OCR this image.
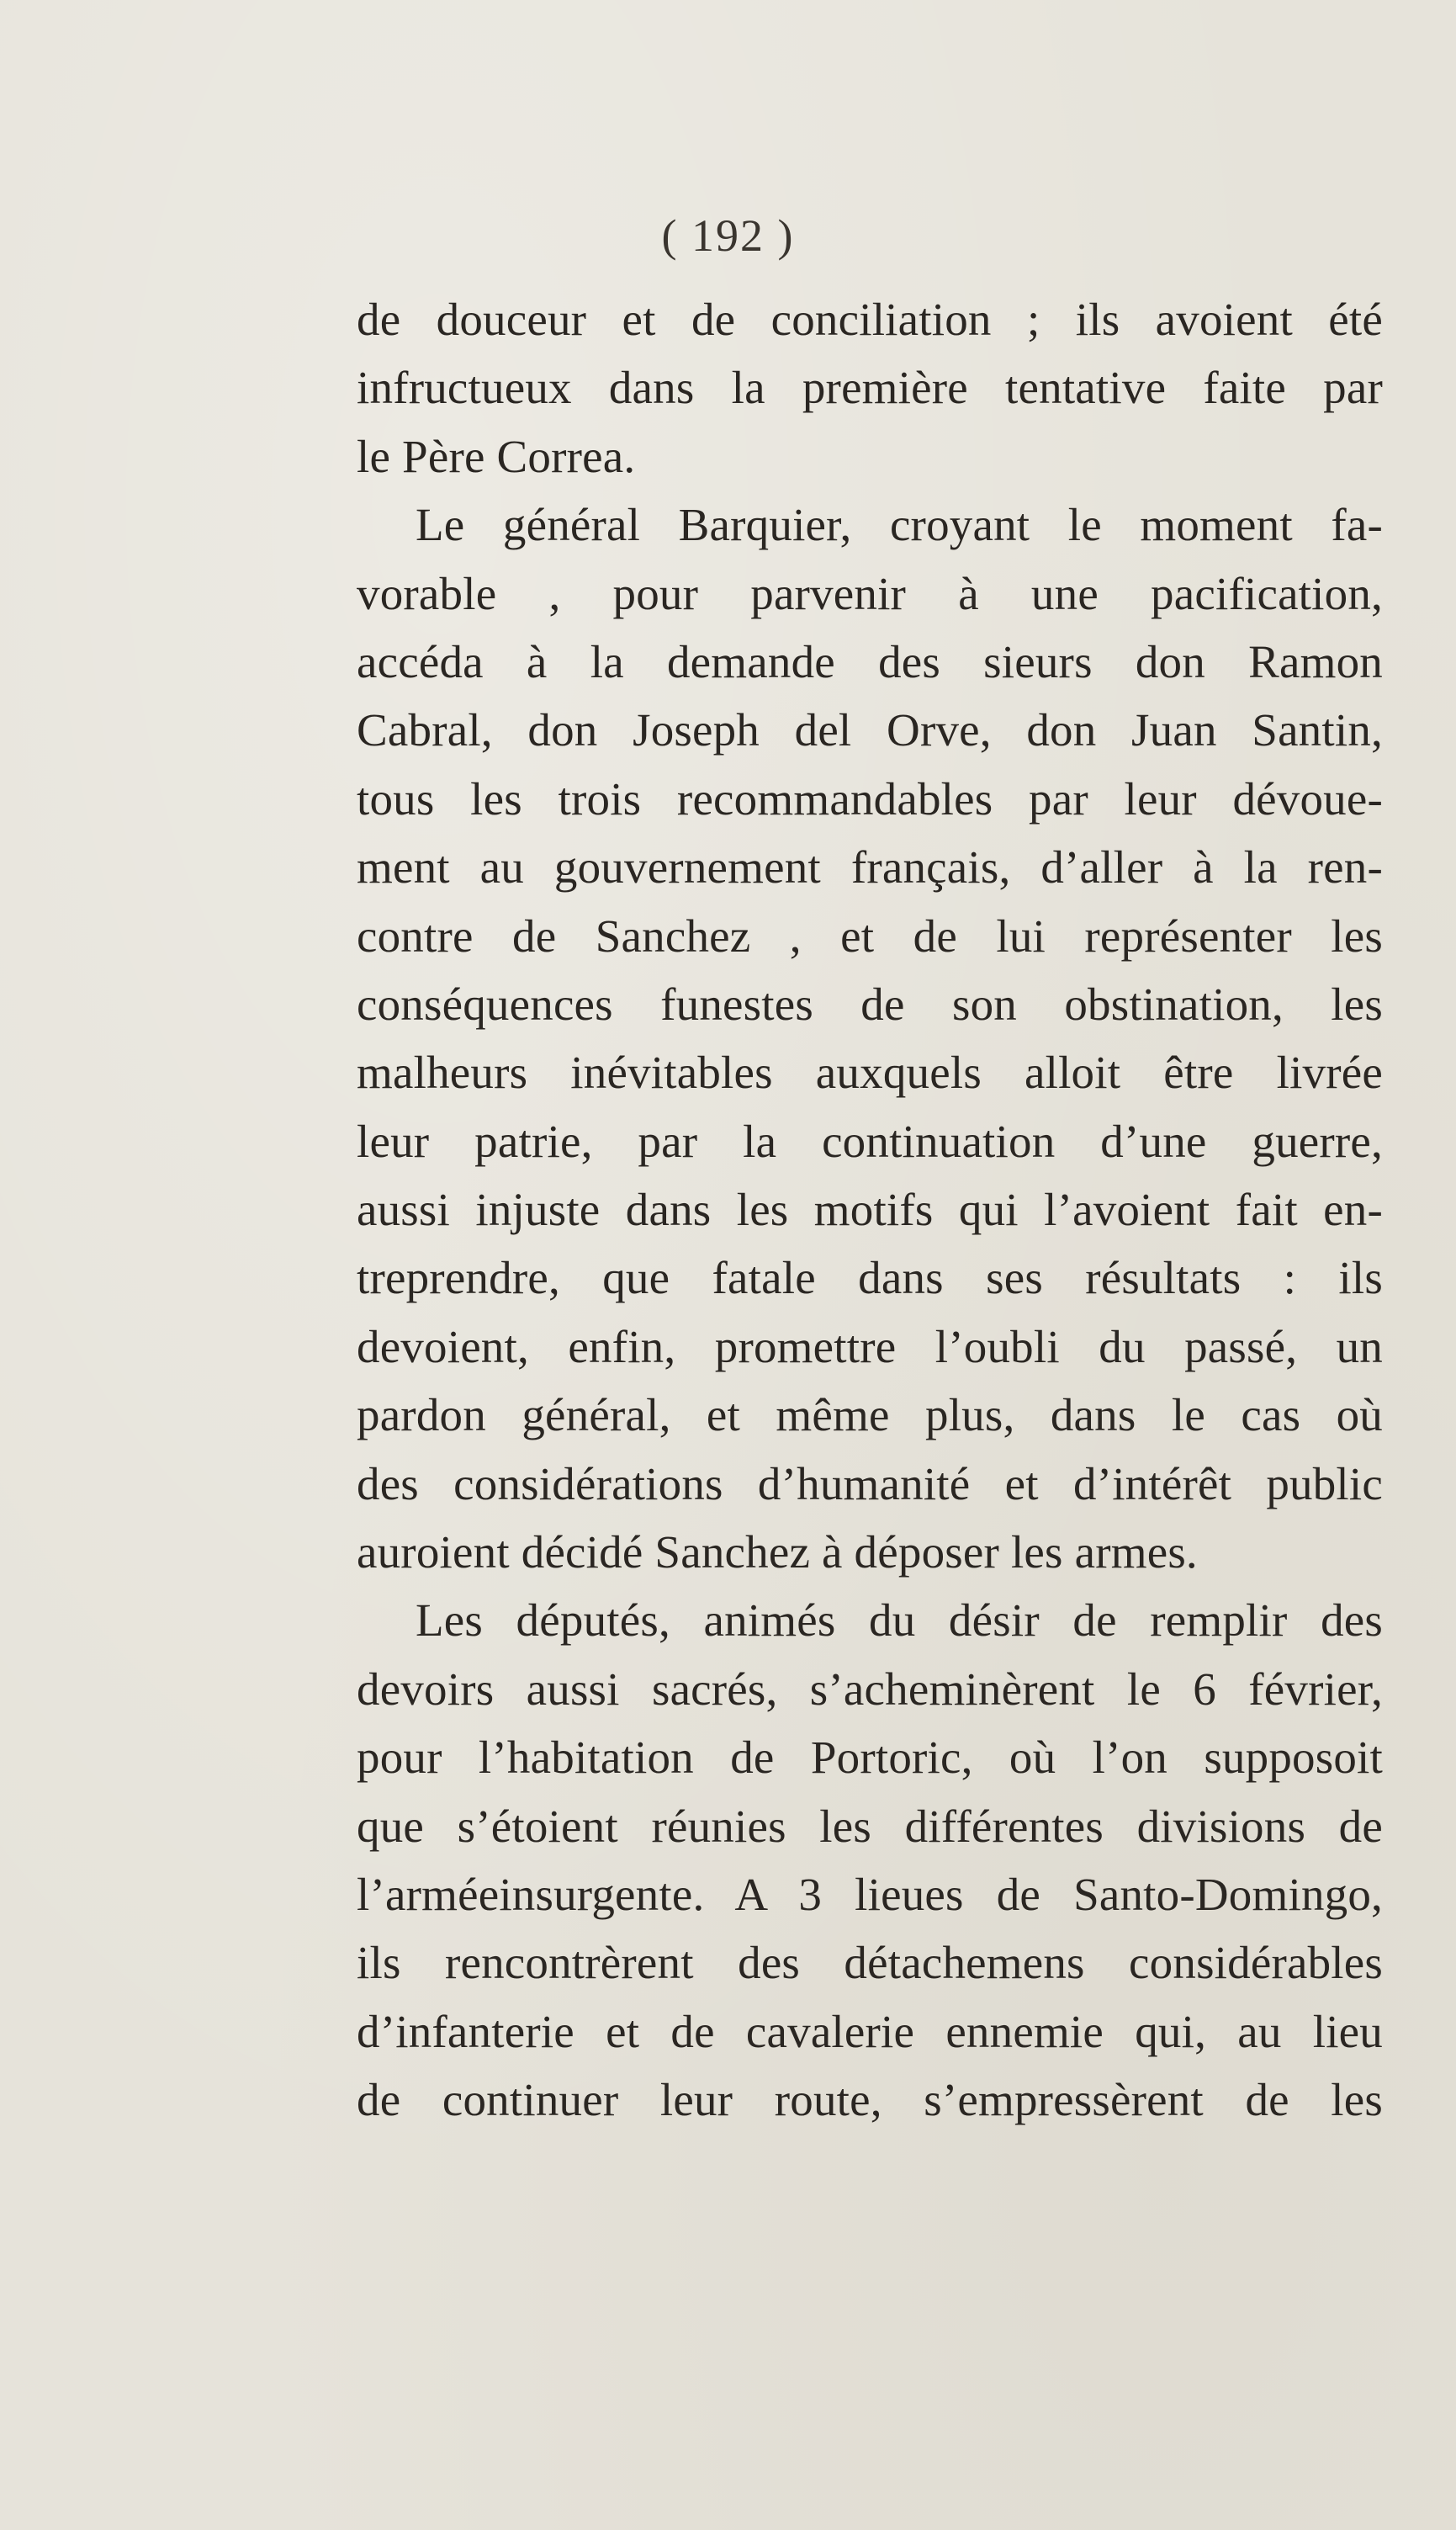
( 192 )
de douceur et de conciliation ; ils avoient été
infructueux dans la première tentative faite par
le Père Correa.
Le général Barquier, croyant le moment fa-
vorable , pour parvenir à une pacification,
accéda à la demande des sieurs don Ramon
Cabral, don Joseph del Orve, don Juan Santin,
tous les trois recommandables par leur dévoue-
ment au gouvernement français, d’aller à la ren-
contre de Sanchez , et de lui représenter les
conséquences funestes de son obstination, les
malheurs inévitables auxquels alloit être livrée
leur patrie, par la continuation d’une guerre,
aussi injuste dans les motifs qui l’avoient fait en-
treprendre, que fatale dans ses résultats : ils
devoient, enfin, promettre l’oubli du passé, un
pardon général, et même plus, dans le cas où
des considérations d’humanité et d’intérêt public
auroient décidé Sanchez à déposer les armes.
Les députés, animés du désir de remplir des
devoirs aussi sacrés, s’acheminèrent le 6 février,
pour l’habitation de Portoric, où l’on supposoit
que s’étoient réunies les différentes divisions de
l’arméeinsurgente. A 3 lieues de Santo-Domingo,
ils rencontrèrent des détachemens considérables
d’infanterie et de cavalerie ennemie qui, au lieu
de continuer leur route, s’empressèrent de les
